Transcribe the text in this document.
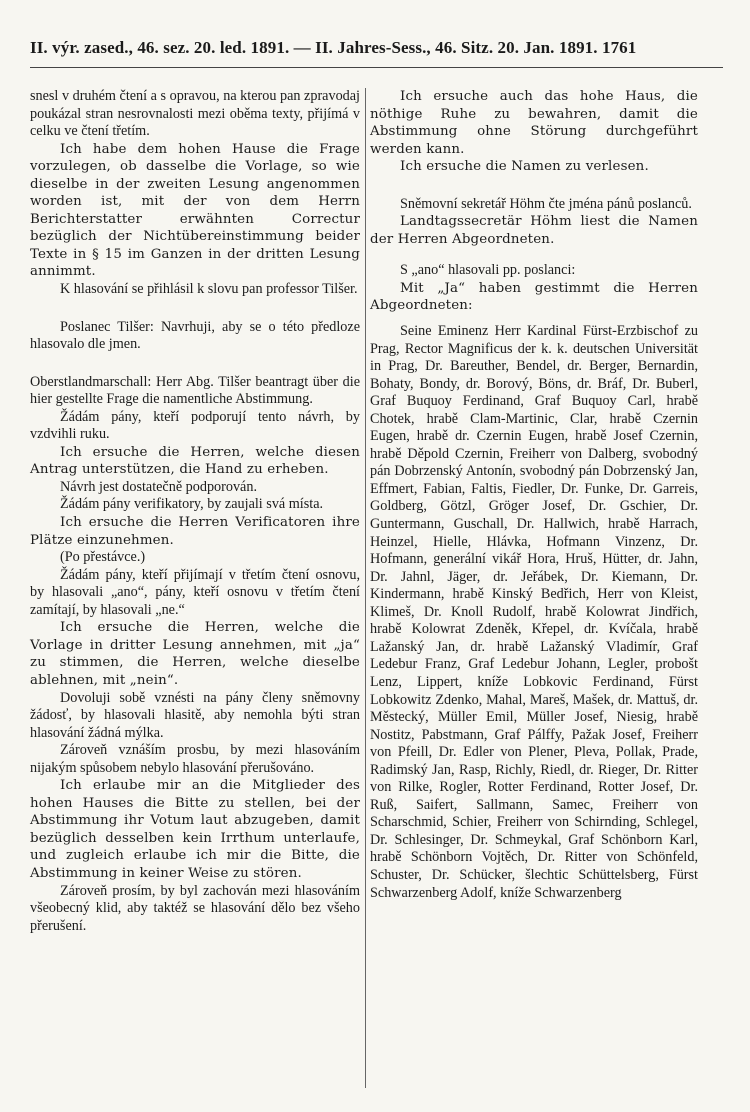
II. výr. zased., 46. sez. 20. led. 1891. — II. Jahres-Sess., 46. Sitz. 20. Jan. 1891. 1761

snesl v druhém čtení a s opravou, na kterou pan zpravodaj poukázal stran nesrovnalosti mezi oběma texty, přijímá v celku ve čtení třetím.

Ich habe dem hohen Hause die Frage vorzulegen, ob dasselbe die Vorlage, so wie dieselbe in der zweiten Lesung angenommen worden ist, mit der von dem Herrn Berichterstatter erwähnten Correctur bezüglich der Nichtübereinstimmung beider Texte in § 15 im Ganzen in der dritten Lesung annimmt.

K hlasování se přihlásil k slovu pan professor Tilšer.

Poslanec Tilšer: Navrhuji, aby se o této předloze hlasovalo dle jmen.

Oberstlandmarschall: Herr Abg. Tilšer beantragt über die hier gestellte Frage die namentliche Abstimmung.

Žádám pány, kteří podporují tento návrh, by vzdvihli ruku.

Ich ersuche die Herren, welche diesen Antrag unterstützen, die Hand zu erheben.

Návrh jest dostatečně podporován.

Žádám pány verifikatory, by zaujali svá místa.

Ich ersuche die Herren Verificatoren ihre Plätze einzunehmen.

(Po přestávce.)

Žádám pány, kteří přijímají v třetím čtení osnovu, by hlasovali „ano“, pány, kteří osnovu v třetím čtení zamítají, by hlasovali „ne.“

Ich ersuche die Herren, welche die Vorlage in dritter Lesung annehmen, mit „ja“ zu stimmen, die Herren, welche dieselbe ablehnen, mit „nein“.

Dovoluji sobě vznésti na pány členy sněmovny žádosť, by hlasovali hlasitě, aby nemohla býti stran hlasování žádná mýlka.

Zároveň vznáším prosbu, by mezi hlasováním nijakým spůsobem nebylo hlasování přerušováno.

Ich erlaube mir an die Mitglieder des hohen Hauses die Bitte zu stellen, bei der Abstimmung ihr Votum laut abzugeben, damit bezüglich desselben kein Irrthum unterlaufe, und zugleich erlaube ich mir die Bitte, die Abstimmung in keiner Weise zu stören.

Zároveň prosím, by byl zachován mezi hlasováním všeobecný klid, aby taktéž se hlasování dělo bez všeho přerušení.

Ich ersuche auch das hohe Haus, die nöthige Ruhe zu bewahren, damit die Abstimmung ohne Störung durchgeführt werden kann.

Ich ersuche die Namen zu verlesen.

Sněmovní sekretář Höhm čte jména pánů poslanců.

Landtagssecretär Höhm liest die Namen der Herren Abgeordneten.

S „ano“ hlasovali pp. poslanci:

Mit „Ja“ haben gestimmt die Herren Abgeordneten:

Seine Eminenz Herr Kardinal Fürst-Erzbischof zu Prag, Rector Magnificus der k. k. deutschen Universität in Prag, Dr. Bareuther, Bendel, dr. Berger, Bernardin, Bohaty, Bondy, dr. Borový, Böns, dr. Bráf, Dr. Buberl, Graf Buquoy Ferdinand, Graf Buquoy Carl, hrabě Chotek, hrabě Clam-Martinic, Clar, hrabě Czernin Eugen, hrabě dr. Czernin Eugen, hrabě Josef Czernin, hrabě Děpold Czernin, Freiherr von Dalberg, svobodný pán Dobrzenský Antonín, svobodný pán Dobrzenský Jan, Effmert, Fabian, Faltis, Fiedler, Dr. Funke, Dr. Garreis, Goldberg, Götzl, Gröger Josef, Dr. Gschier, Dr. Guntermann, Guschall, Dr. Hallwich, hrabě Harrach, Heinzel, Hielle, Hlávka, Hofmann Vinzenz, Dr. Hofmann, generální vikář Hora, Hruš, Hütter, dr. Jahn, Dr. Jahnl, Jäger, dr. Jeřábek, Dr. Kiemann, Dr. Kindermann, hrabě Kinský Bedřich, Herr von Kleist, Klimeš, Dr. Knoll Rudolf, hrabě Kolowrat Jindřich, hrabě Kolowrat Zdeněk, Křepel, dr. Kvíčala, hrabě Lažanský Jan, dr. hrabě Lažanský Vladimír, Graf Ledebur Franz, Graf Ledebur Johann, Legler, probošt Lenz, Lippert, kníže Lobkovic Ferdinand, Fürst Lobkowitz Zdenko, Mahal, Mareš, Mašek, dr. Mattuš, dr. Městecký, Müller Emil, Müller Josef, Niesig, hrabě Nostitz, Pabstmann, Graf Pálffy, Pažak Josef, Freiherr von Pfeill, Dr. Edler von Plener, Pleva, Pollak, Prade, Radimský Jan, Rasp, Richly, Riedl, dr. Rieger, Dr. Ritter von Rilke, Rogler, Rotter Ferdinand, Rotter Josef, Dr. Ruß, Saifert, Sallmann, Samec, Freiherr von Scharschmid, Schier, Freiherr von Schirnding, Schlegel, Dr. Schlesinger, Dr. Schmeykal, Graf Schönborn Karl, hrabě Schönborn Vojtěch, Dr. Ritter von Schönfeld, Schuster, Dr. Schücker, šlechtic Schüttelsberg, Fürst Schwarzenberg Adolf, kníže Schwarzenberg
